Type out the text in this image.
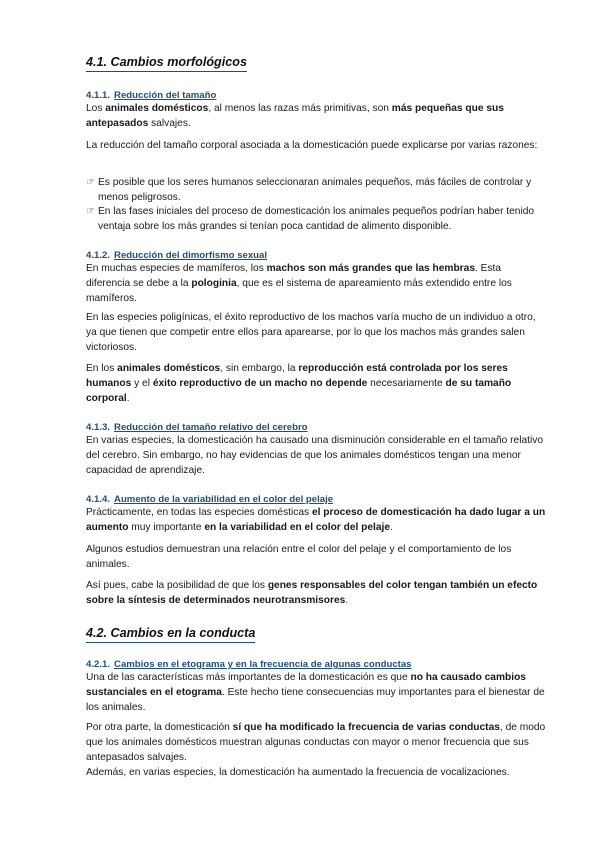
4.1. Cambios morfológicos
4.1.1. Reducción del tamaño
Los animales domésticos, al menos las razas más primitivas, son más pequeñas que sus antepasados salvajes.
La reducción del tamaño corporal asociada a la domesticación puede explicarse por varias razones:
☞ Es posible que los seres humanos seleccionaran animales pequeños, más fáciles de controlar y menos peligrosos.
☞ En las fases iniciales del proceso de domesticación los animales pequeños podrían haber tenido ventaja sobre los más grandes si tenían poca cantidad de alimento disponible.
4.1.2. Reducción del dimorfismo sexual
En muchas especies de mamíferos, los machos son más grandes que las hembras. Esta diferencia se debe a la pologinia, que es el sistema de apareamiento más extendido entre los mamíferos.
En las especies poligínicas, el éxito reproductivo de los machos varía mucho de un individuo a otro, ya que tienen que competir entre ellos para aparearse, por lo que los machos más grandes salen victoriosos.
En los animales domésticos, sin embargo, la reproducción está controlada por los seres humanos y el éxito reproductivo de un macho no depende necesariamente de su tamaño corporal.
4.1.3. Reducción del tamaño relativo del cerebro
En varias especies, la domesticación ha causado una disminución considerable en el tamaño relativo del cerebro. Sin embargo, no hay evidencias de que los animales domésticos tengan una menor capacidad de aprendizaje.
4.1.4. Aumento de la variabilidad en el color del pelaje
Prácticamente, en todas las especies domésticas el proceso de domesticación ha dado lugar a un aumento muy importante en la variabilidad en el color del pelaje.
Algunos estudios demuestran una relación entre el color del pelaje y el comportamiento de los animales.
Así pues, cabe la posibilidad de que los genes responsables del color tengan también un efecto sobre la síntesis de determinados neurotransmisores.
4.2. Cambios en la conducta
4.2.1. Cambios en el etograma y en la frecuencia de algunas conductas
Una de las características más importantes de la domesticación es que no ha causado cambios sustanciales en el etograma. Este hecho tiene consecuencias muy importantes para el bienestar de los animales.
Por otra parte, la domesticación sí que ha modificado la frecuencia de varias conductas, de modo que los animales domésticos muestran algunas conductas con mayor o menor frecuencia que sus antepasados salvajes.
Además, en varias especies, la domesticación ha aumentado la frecuencia de vocalizaciones.
